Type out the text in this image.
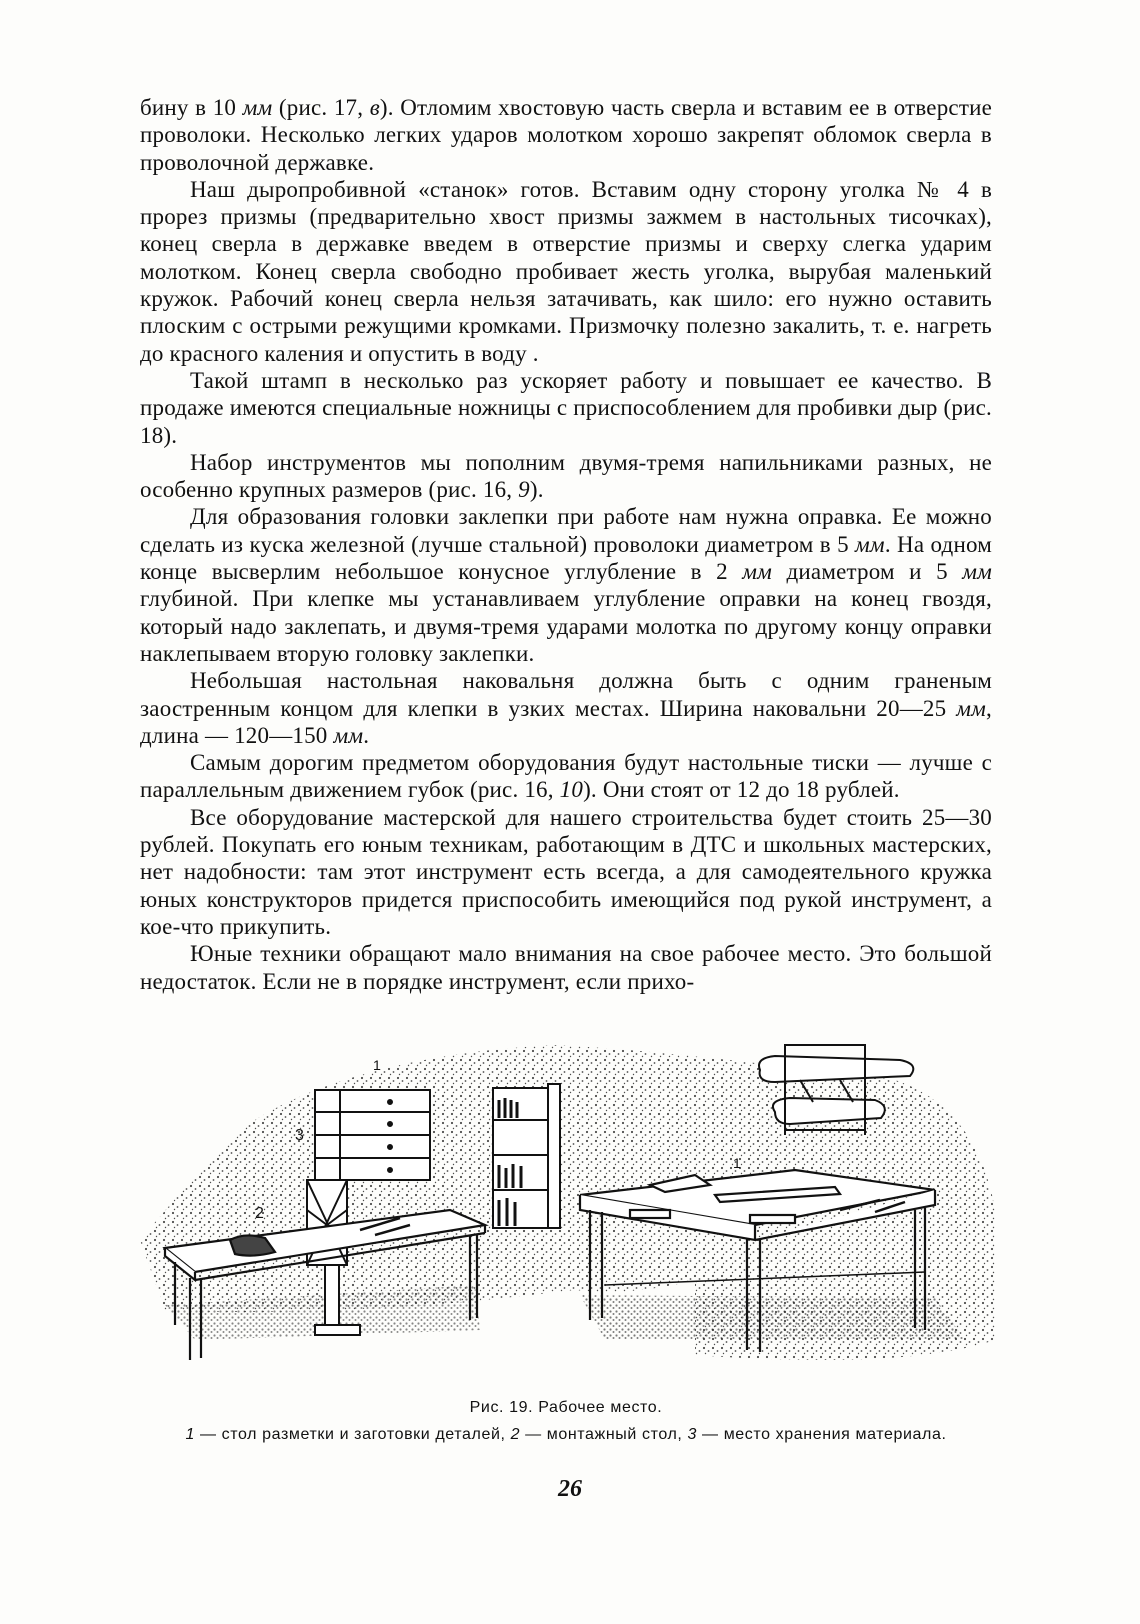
бину в 10 мм (рис. 17, в). Отломим хвостовую часть сверла и вставим ее в отверстие проволоки. Несколько легких ударов молотком хорошо закрепят обломок сверла в проволочной державке.

Наш дыропробивной «станок» готов. Вставим одну сторону уголка № 4 в прорез призмы (предварительно хвост призмы зажмем в настольных тисочках), конец сверла в державке введем в отверстие призмы и сверху слегка ударим молотком. Конец сверла свободно пробивает жесть уголка, вырубая маленький кружок. Рабочий конец сверла нельзя затачивать, как шило: его нужно оставить плоским с острыми режущими кромками. Призмочку полезно закалить, т. е. нагреть до красного каления и опустить в воду .

Такой штамп в несколько раз ускоряет работу и повышает ее качество. В продаже имеются специальные ножницы с приспособлением для пробивки дыр (рис. 18).

Набор инструментов мы пополним двумя-тремя напильниками разных, не особенно крупных размеров (рис. 16, 9).

Для образования головки заклепки при работе нам нужна оправка. Ее можно сделать из куска железной (лучше стальной) проволоки диаметром в 5 мм. На одном конце высверлим небольшое конусное углубление в 2 мм диаметром и 5 мм глубиной. При клепке мы устанавливаем углубление оправки на конец гвоздя, который надо заклепать, и двумя-тремя ударами молотка по другому концу оправки наклепываем вторую головку заклепки.

Небольшая настольная наковальня должна быть с одним граненым заостренным концом для клепки в узких местах. Ширина наковальни 20—25 мм, длина — 120—150 мм.

Самым дорогим предметом оборудования будут настольные тиски — лучше с параллельным движением губок (рис. 16, 10). Они стоят от 12 до 18 рублей.

Все оборудование мастерской для нашего строительства будет стоить 25—30 рублей. Покупать его юным техникам, работающим в ДТС и школьных мастерских, нет надобности: там этот инструмент есть всегда, а для самодеятельного кружка юных конструкторов придется приспособить имеющийся под рукой инструмент, а кое-что прикупить.

Юные техники обращают мало внимания на свое рабочее место. Это большой недостаток. Если не в порядке инструмент, если прихо-

3
1
2
1
Рис. 19. Рабочее место.
1 — стол разметки и заготовки деталей, 2 — монтажный стол, 3 — место хранения материала.
26
